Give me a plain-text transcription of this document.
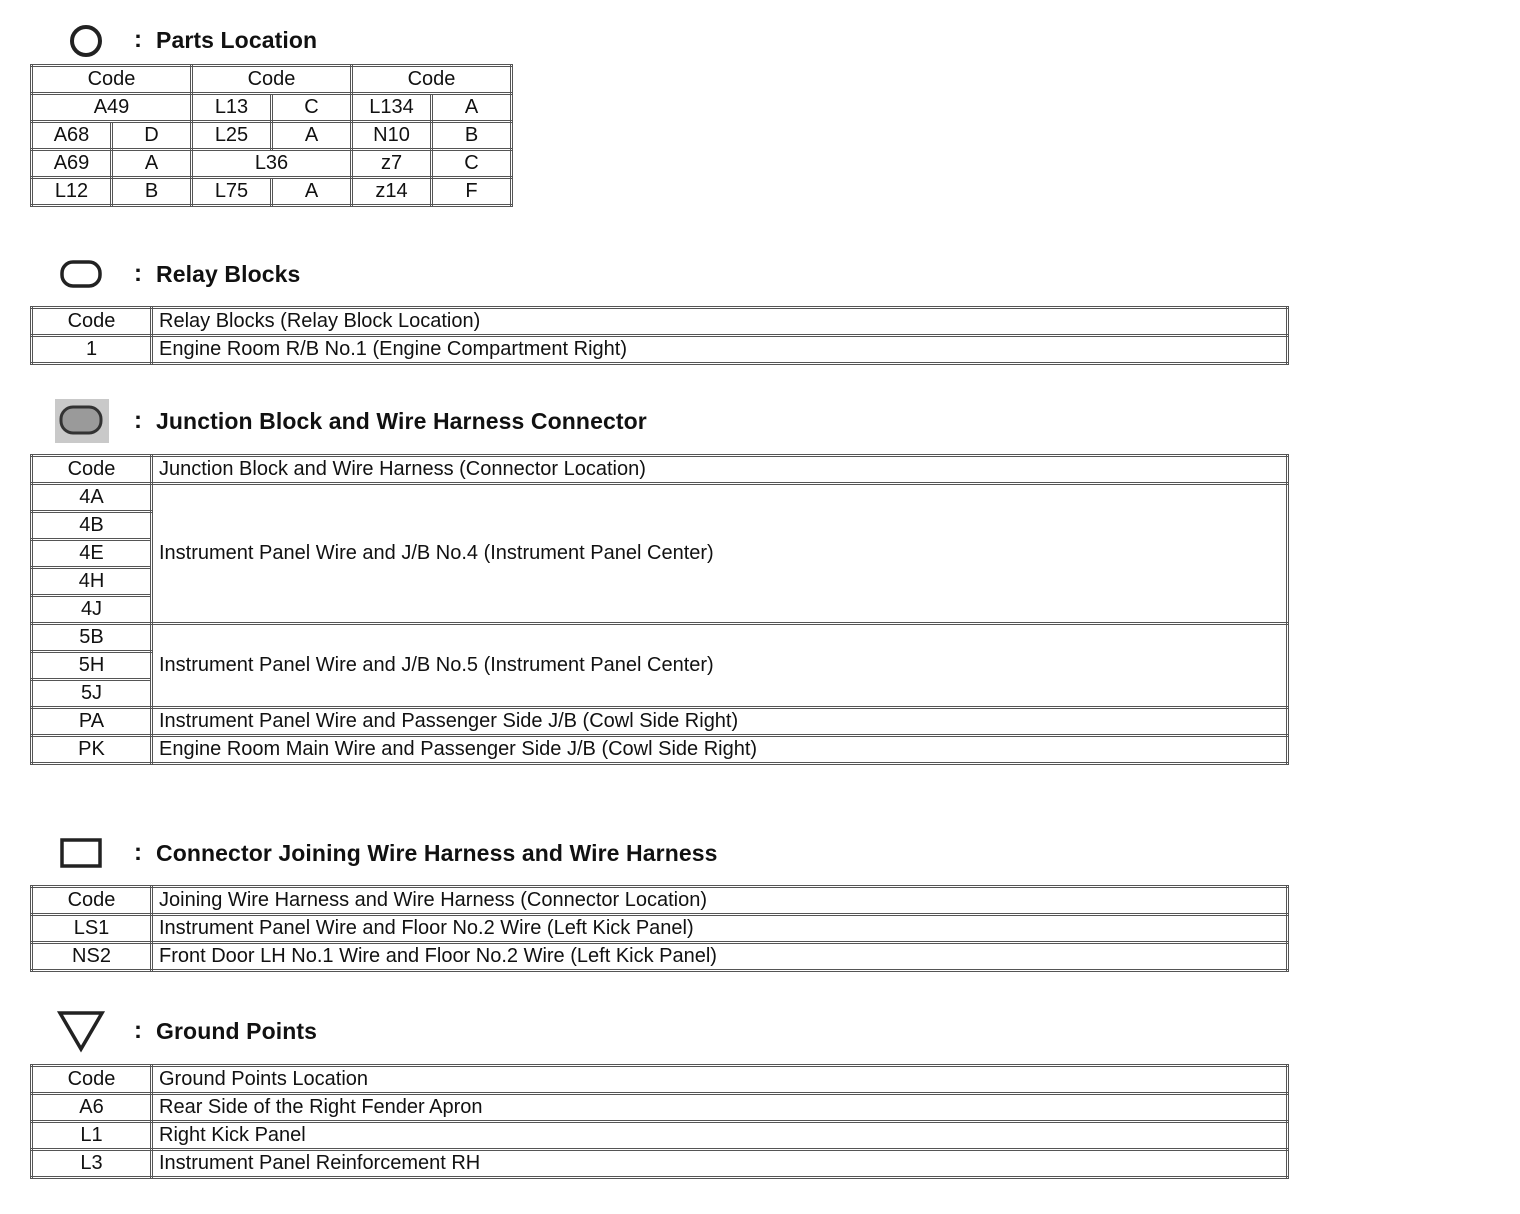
: Parts Location
Code		Code		Code	
A49		L13	C	L134	A
A68	D	L25	A	N10	B
A69	A	L36		z7	C
L12	B	L75	A	z14	F
: Relay Blocks
Code	Relay Blocks (Relay Block Location)
1	Engine Room R/B No.1 (Engine Compartment Right)
: Junction Block and Wire Harness Connector
Code	Junction Block and Wire Harness (Connector Location)
4A	Instrument Panel Wire and J/B No.4 (Instrument Panel Center)
4B	
4E	
4H	
4J	
5B	Instrument Panel Wire and J/B No.5 (Instrument Panel Center)
5H	
5J	
PA	Instrument Panel Wire and Passenger Side J/B (Cowl Side Right)
PK	Engine Room Main Wire and Passenger Side J/B (Cowl Side Right)
: Connector Joining Wire Harness and Wire Harness
Code	Joining Wire Harness and Wire Harness (Connector Location)
LS1	Instrument Panel Wire and Floor No.2 Wire (Left Kick Panel)
NS2	Front Door LH No.1 Wire and Floor No.2 Wire (Left Kick Panel)
: Ground Points
Code	Ground Points Location
A6	Rear Side of the Right Fender Apron
L1	Right Kick Panel
L3	Instrument Panel Reinforcement RH
